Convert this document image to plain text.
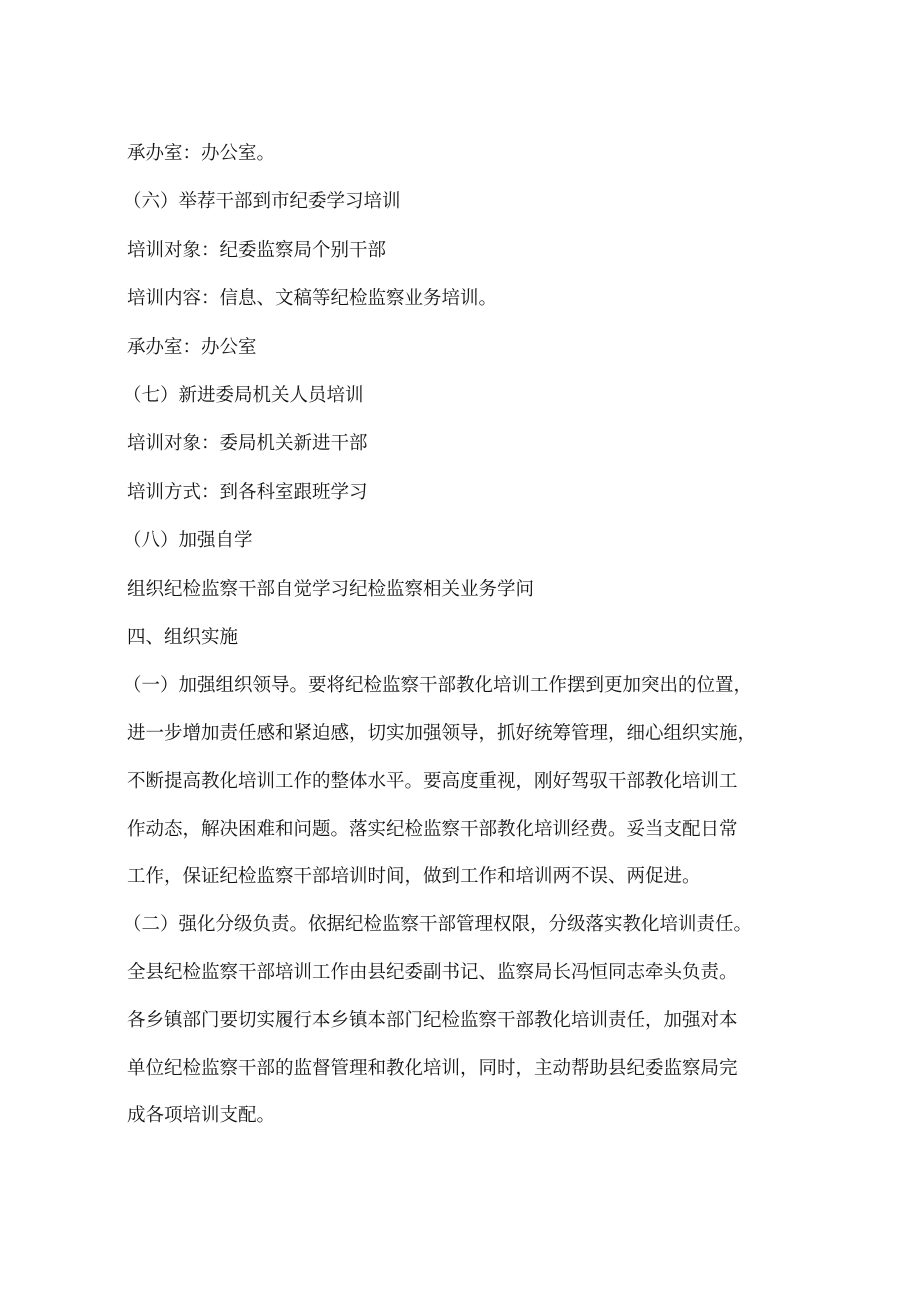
承办室：办公室。
（六）举荐干部到市纪委学习培训
培训对象：纪委监察局个别干部
培训内容：信息、文稿等纪检监察业务培训。
承办室：办公室
（七）新进委局机关人员培训
培训对象：委局机关新进干部
培训方式：到各科室跟班学习
（八）加强自学
组织纪检监察干部自觉学习纪检监察相关业务学问
四、组织实施
（一）加强组织领导。要将纪检监察干部教化培训工作摆到更加突出的位置，
进一步增加责任感和紧迫感，切实加强领导，抓好统筹管理，细心组织实施，
不断提高教化培训工作的整体水平。要高度重视，刚好驾驭干部教化培训工
作动态，解决困难和问题。落实纪检监察干部教化培训经费。妥当支配日常
工作，保证纪检监察干部培训时间，做到工作和培训两不误、两促进。
（二）强化分级负责。依据纪检监察干部管理权限，分级落实教化培训责任。
全县纪检监察干部培训工作由县纪委副书记、监察局长冯恒同志牵头负责。
各乡镇部门要切实履行本乡镇本部门纪检监察干部教化培训责任，加强对本
单位纪检监察干部的监督管理和教化培训，同时，主动帮助县纪委监察局完
成各项培训支配。
